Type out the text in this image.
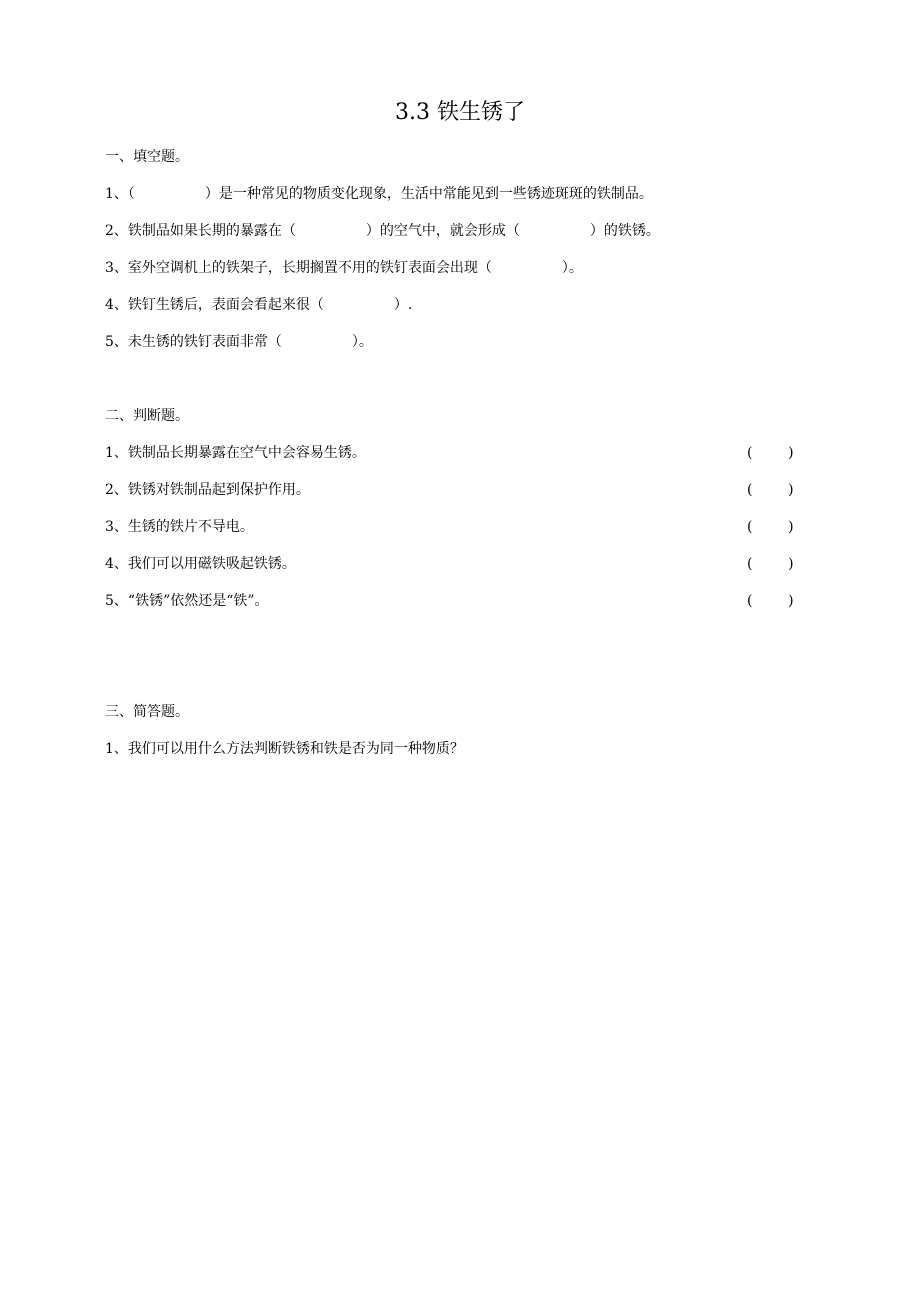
3.3 铁生锈了
一、填空题。
1、（　　　　　）是一种常见的物质变化现象，生活中常能见到一些锈迹斑斑的铁制品。
2、铁制品如果长期的暴露在（　　　　　）的空气中，就会形成（　　　　　）的铁锈。
3、室外空调机上的铁架子，长期搁置不用的铁钉表面会出现（　　　　　）。
4、铁钉生锈后，表面会看起来很（　　　　　）.
5、未生锈的铁钉表面非常（　　　　　）。
二、判断题。
1、铁制品长期暴露在空气中会容易生锈。	(        )
2、铁锈对铁制品起到保护作用。	(        )
3、生锈的铁片不导电。	(        )
4、我们可以用磁铁吸起铁锈。	(        )
5、“铁锈”依然还是“铁”。	(        )
三、简答题。
1、我们可以用什么方法判断铁锈和铁是否为同一种物质？
